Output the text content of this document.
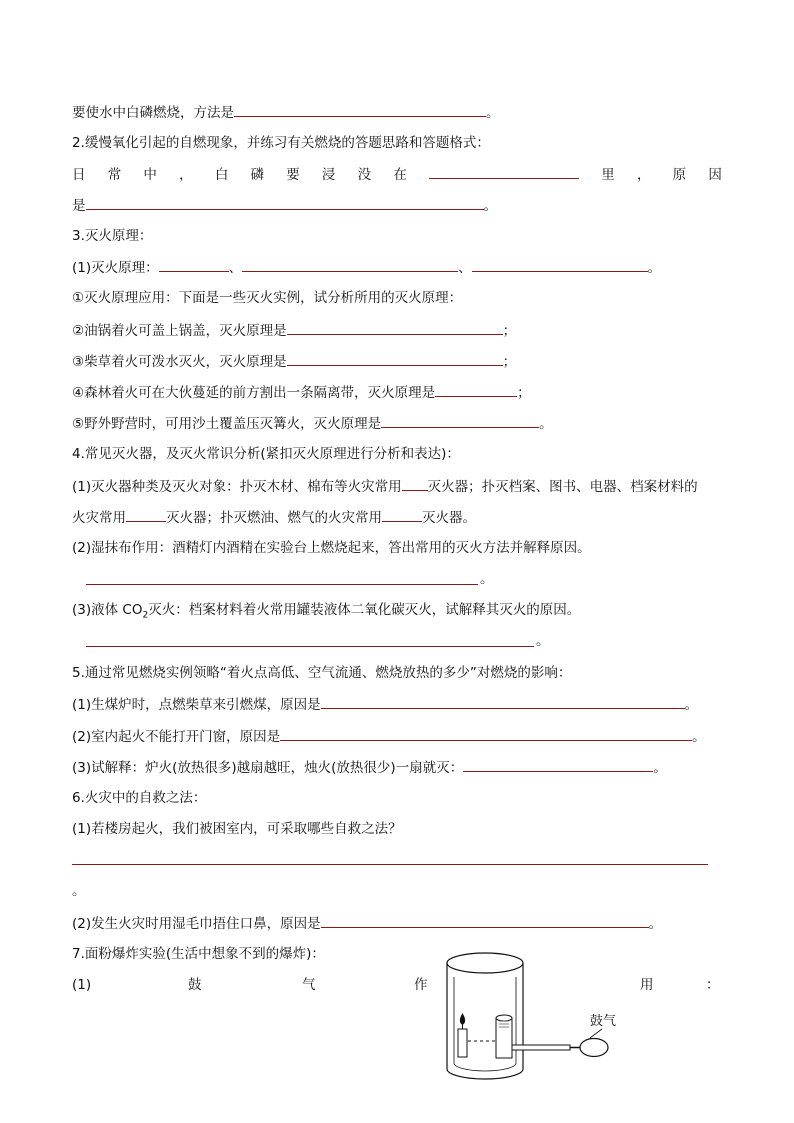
要使水中白磷燃烧，方法是	。
2.缓慢氧化引起的自燃现象，并练习有关燃烧的答题思路和答题格式：
日 常 中 ， 白 磷 要 浸 没 在	里 ， 原 因
是	。
3.灭火原理：
(1)灭火原理：	、	、	。
①灭火原理应用：下面是一些灭火实例，试分析所用的灭火原理：
②油锅着火可盖上锅盖，灭火原理是	；
③柴草着火可泼水灭火，灭火原理是	；
④森林着火可在大伙蔓延的前方割出一条隔离带，灭火原理是	；
⑤野外野营时，可用沙土覆盖压灭篝火，灭火原理是	。
4.常见灭火器，及灭火常识分析(紧扣灭火原理进行分析和表达)：
(1)灭火器种类及灭火对象：扑灭木材、棉布等火灾常用 灭火器；扑灭档案、图书、电器、档案材料的
火灾常用	灭火器；扑灭燃油、燃气的火灾常用	灭火器。
(2)湿抹布作用：酒精灯内酒精在实验台上燃烧起来，答出常用的灭火方法并解释原因。
。
(3)液体 $CO_2$灭火：档案材料着火常用罐装液体二氧化碳灭火，试解释其灭火的原因。
。
5.通过常见燃烧实例领略“着火点高低、空气流通、燃烧放热的多少”对燃烧的影响：
(1)生煤炉时，点燃柴草来引燃煤，原因是	。
(2)室内起火不能打开门窗，原因是	。
(3)试解释：炉火(放热很多)越扇越旺，烛火(放热很少)一扇就灭：	。
6.火灾中的自救之法：
(1)若楼房起火，我们被困室内，可采取哪些自救之法？
。
(2)发生火灾时用湿毛巾捂住口鼻，原因是	。
7.面粉爆炸实验(生活中想象不到的爆炸)：
(1)	鼓	气	作	用	：
鼓气
